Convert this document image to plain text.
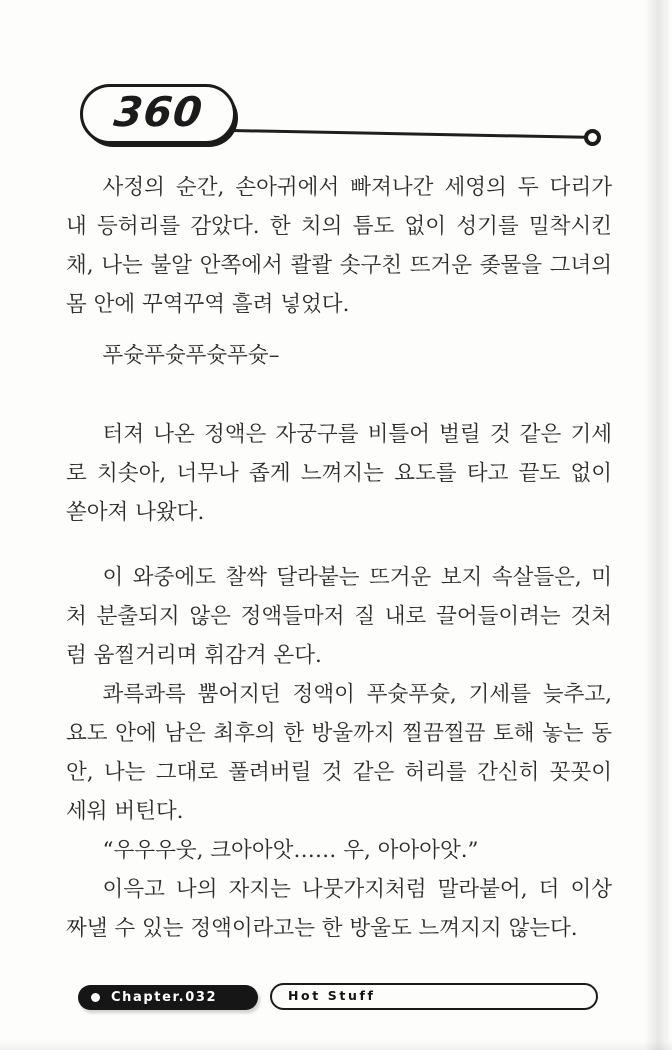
360

사정의 순간, 손아귀에서 빠져나간 세영의 두 다리가 내 등허리를 감았다. 한 치의 틈도 없이 성기를 밀착시킨 채, 나는 불알 안쪽에서 콸콸 솟구친 뜨거운 좆물을 그녀의 몸 안에 꾸역꾸역 흘려 넣었다.

푸슛푸슛푸슛푸슛–

터져 나온 정액은 자궁구를 비틀어 벌릴 것 같은 기세로 치솟아, 너무나 좁게 느껴지는 요도를 타고 끝도 없이 쏟아져 나왔다.

이 와중에도 찰싹 달라붙는 뜨거운 보지 속살들은, 미처 분출되지 않은 정액들마저 질 내로 끌어들이려는 것처럼 움찔거리며 휘감겨 온다.

콰륵콰륵 뿜어지던 정액이 푸슛푸슛, 기세를 늦추고, 요도 안에 남은 최후의 한 방울까지 찔끔찔끔 토해 놓는 동안, 나는 그대로 풀려버릴 것 같은 허리를 간신히 꼿꼿이 세워 버틴다.

“우우우웃, 크아아앗…… 우, 아아아앗.”

이윽고 나의 자지는 나뭇가지처럼 말라붙어, 더 이상 짜낼 수 있는 정액이라고는 한 방울도 느껴지지 않는다.

Chapter.032	Hot Stuff
